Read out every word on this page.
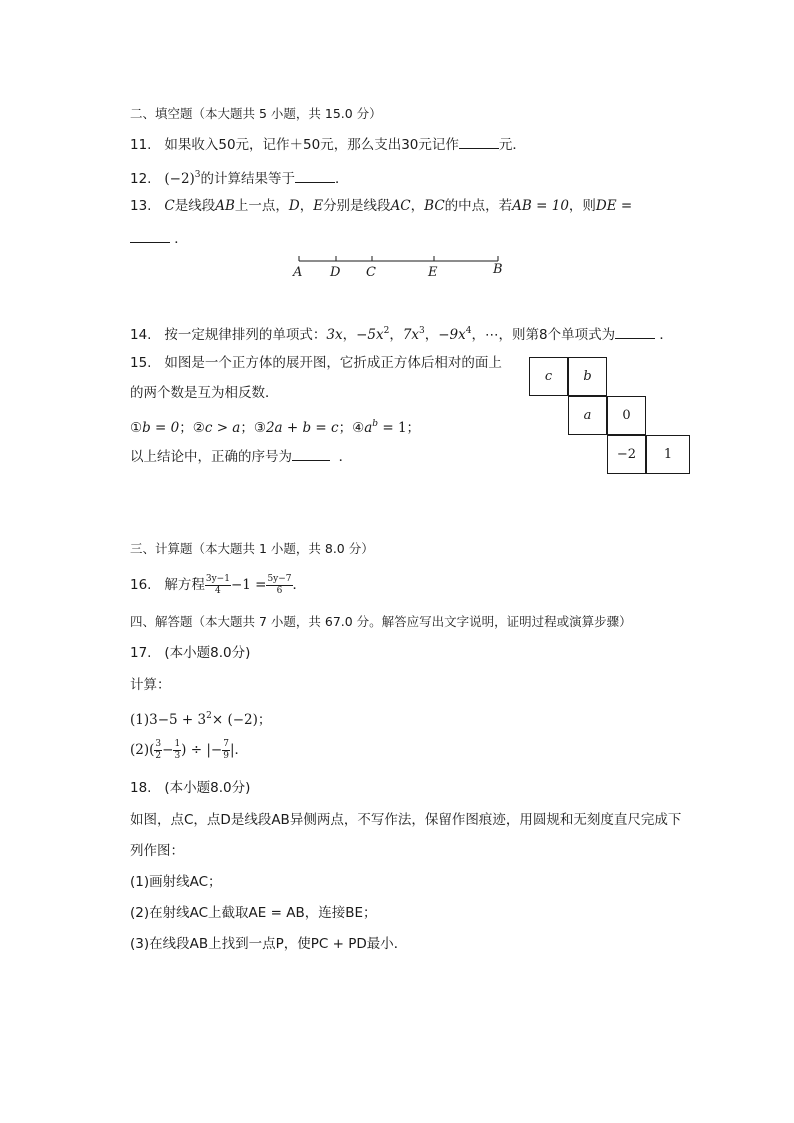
二、填空题（本大题共 5 小题，共 15.0 分）
11. 如果收入50元，记作＋50元，那么支出30元记作	元．
12. $(-2)^3$的计算结果等于	．
13. C是线段AB上一点，D，E分别是线段AC，BC的中点，若AB = 10，则DE =
．
A D C	E	B
14. 按一定规律排列的单项式：3x，$-5x^2$，$7x^3$，$-9x^4$，⋯，则第8个单项式为	．
15. 如图是一个正方体的展开图，它折成正方体后相对的面上
的两个数是互为相反数．
①b = 0；②c > a；③2a + b = c；$④a^b = 1$；
以上结论中，正确的序号为	．
c	b
a	0
−2	1
三、计算题（本大题共 1 小题，共 8.0 分）
16. 解方程 $\frac{3y-1}{4} -1 = \frac{5y-7}{6}$ ．
四、解答题（本大题共 7 小题，共 67.0 分。解答应写出文字说明，证明过程或演算步骤）
17. (本小题8.0分)
计算：
$(1)3-5 + 3^2\times (-2)$；
$(2)( \frac{3}{2} - \frac{1}{3}$ ) ÷ |− $\frac{7}{9}$ |．
18. (本小题8.0分)
如图，点C，点D是线段AB异侧两点，不写作法，保留作图痕迹，用圆规和无刻度直尺完成下
列作图：
(1)画射线AC；
(2)在射线AC上截取AE = AB，连接BE；
(3)在线段AB上找到一点P，使PC + PD最小．
